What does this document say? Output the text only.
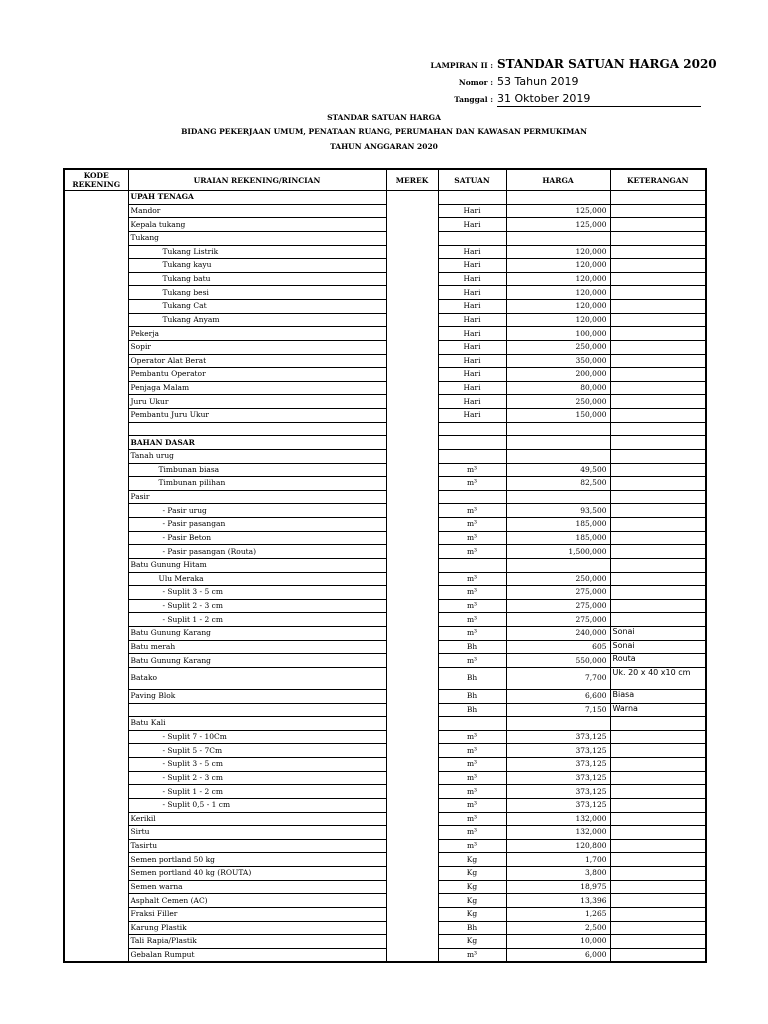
LAMPIRAN II : STANDAR SATUAN HARGA 2020
Nomor : 53 Tahun 2019
Tanggal : 31 Oktober 2019
STANDAR SATUAN HARGA
BIDANG PEKERJAAN UMUM, PENATAAN RUANG, PERUMAHAN DAN KAWASAN PERMUKIMAN
TAHUN ANGGARAN 2020
KODE REKENING	URAIAN REKENING/RINCIAN	MEREK	SATUAN	HARGA	KETERANGAN
	UPAH TENAGA				
	Mandor		Hari	125,000	
	Kepala tukang		Hari	125,000	
	Tukang				
	Tukang Listrik		Hari	120,000	
	Tukang kayu		Hari	120,000	
	Tukang batu		Hari	120,000	
	Tukang besi		Hari	120,000	
	Tukang Cat		Hari	120,000	
	Tukang Anyam		Hari	120,000	
	Pekerja		Hari	100,000	
	Sopir		Hari	250,000	
	Operator Alat Berat		Hari	350,000	
	Pembantu Operator		Hari	200,000	
	Penjaga Malam		Hari	80,000	
	Juru Ukur		Hari	250,000	
	Pembantu Juru Ukur		Hari	150,000	

	BAHAN DASAR				
	Tanah urug				
	Timbunan biasa		m³	49,500	
	Timbunan pilihan		m³	82,500	
	Pasir				
	- Pasir urug		m³	93,500	
	- Pasir pasangan		m³	185,000	
	- Pasir Beton		m³	185,000	
	- Pasir pasangan (Routa)		m³	1,500,000	
	Batu Gunung Hitam				
	Ulu Meraka		m³	250,000	
	- Suplit 3 - 5 cm		m³	275,000	
	- Suplit 2 - 3 cm		m³	275,000	
	- Suplit 1 - 2 cm		m³	275,000	
	Batu Gunung Karang		m³	240,000	Sonai
	Batu merah		Bh	605	Sonai
	Batu Gunung Karang		m³	550,000	Routa
	Batako		Bh	7,700	Uk. 20 x 40 x10 cm
	Paving Blok		Bh	6,600	Biasa
			Bh	7,150	Warna
	Batu Kali				
	- Suplit 7 - 10Cm		m³	373,125	
	- Suplit 5 - 7Cm		m³	373,125	
	- Suplit 3 - 5 cm		m³	373,125	
	- Suplit 2 - 3 cm		m³	373,125	
	- Suplit 1 - 2 cm		m³	373,125	
	- Suplit 0,5 - 1 cm		m³	373,125	
	Kerikil		m³	132,000	
	Sirtu		m³	132,000	
	Tasirtu		m³	120,800	
	Semen portland 50 kg		Kg	1,700	
	Semen portland 40 kg (ROUTA)		Kg	3,800	
	Semen warna		Kg	18,975	
	Asphalt Cemen (AC)		Kg	13,396	
	Fraksi Filler		Kg	1,265	
	Karung Plastik		Bh	2,500	
	Tali Rapia/Plastik		Kg	10,000	
	Gebalan Rumput		m³	6,000	
